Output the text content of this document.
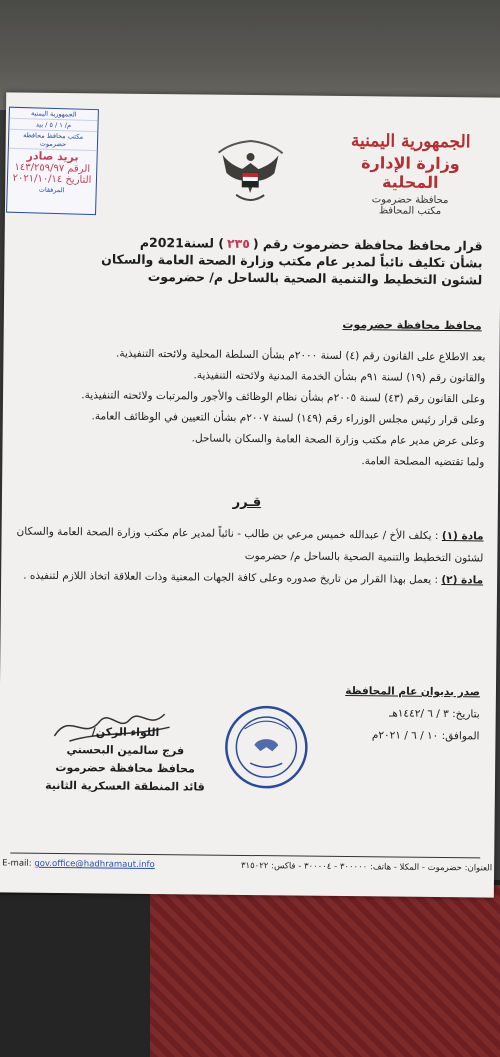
الجمهورية اليمنية
وزارة الإدارة المحلية
محافظة حضرموت
مكتب المحافظ
الجمهورية اليمنية
م/ ١ / ٥ / بيد
مكتب محافظ محافظة حضرموت
بريد صادر
الرقم ١٤٣/٢٥٩/٩٧
التاريخ ٢٠٢١/١٠/١٤
المرفقات
قرار محافظ محافظة حضرموت رقم (٢٣٥) لسنة2021م
بشأن تكليف نائباً لمدير عام مكتب وزارة الصحة العامة والسكان
لشئون التخطيط والتنمية الصحية بالساحل م/ حضرموت
محافظ محافظة حضرموت

بعد الاطلاع على القانون رقم (٤) لسنة ٢٠٠٠م بشأن السلطة المحلية ولائحته التنفيذية.

والقانون رقم (١٩) لسنة ٩١م بشأن الخدمة المدنية ولائحته التنفيذية.

وعلى القانون رقم (٤٣) لسنة ٢٠٠٥م بشأن نظام الوظائف والأجور والمرتبات ولائحته التنفيذية.

وعلى قرار رئيس مجلس الوزراء رقم (١٤٩) لسنة ٢٠٠٧م بشأن التعيين في الوظائف العامة.

وعلى عرض مدير عام مكتب وزارة الصحة العامة والسكان بالساحل.

ولما تقتضيه المصلحة العامة.

قـرر

مادة (١) : يكلف الأخ / عبدالله خميس مرعي بن طالب - نائباً لمدير عام مكتب وزارة الصحة العامة والسكان لشئون التخطيط والتنمية الصحية بالساحل م/ حضرموت

مادة (٢) : يعمل بهذا القرار من تاريخ صدوره وعلى كافة الجهات المعنية وذات العلاقة اتخاذ اللازم لتنفيذه .

صدر بديوان عام المحافظة
بتاريخ: ٣ / ٦ /١٤٤٢هـ
الموافق: ١٠ / ٦ / ٢٠٢١م
اللواء الركن/
فرج سالمين البحسني
محافظ محافظة حضرموت
قائد المنطقة العسكرية الثانية
العنوان: حضرموت - المكلا - هاتف: ٣٠٠٠٠٠ - ٣٠٠٠٠٤ - فاكس: ٣١٥٠٢٢
E-mail: gov.office@hadhramaut.info
